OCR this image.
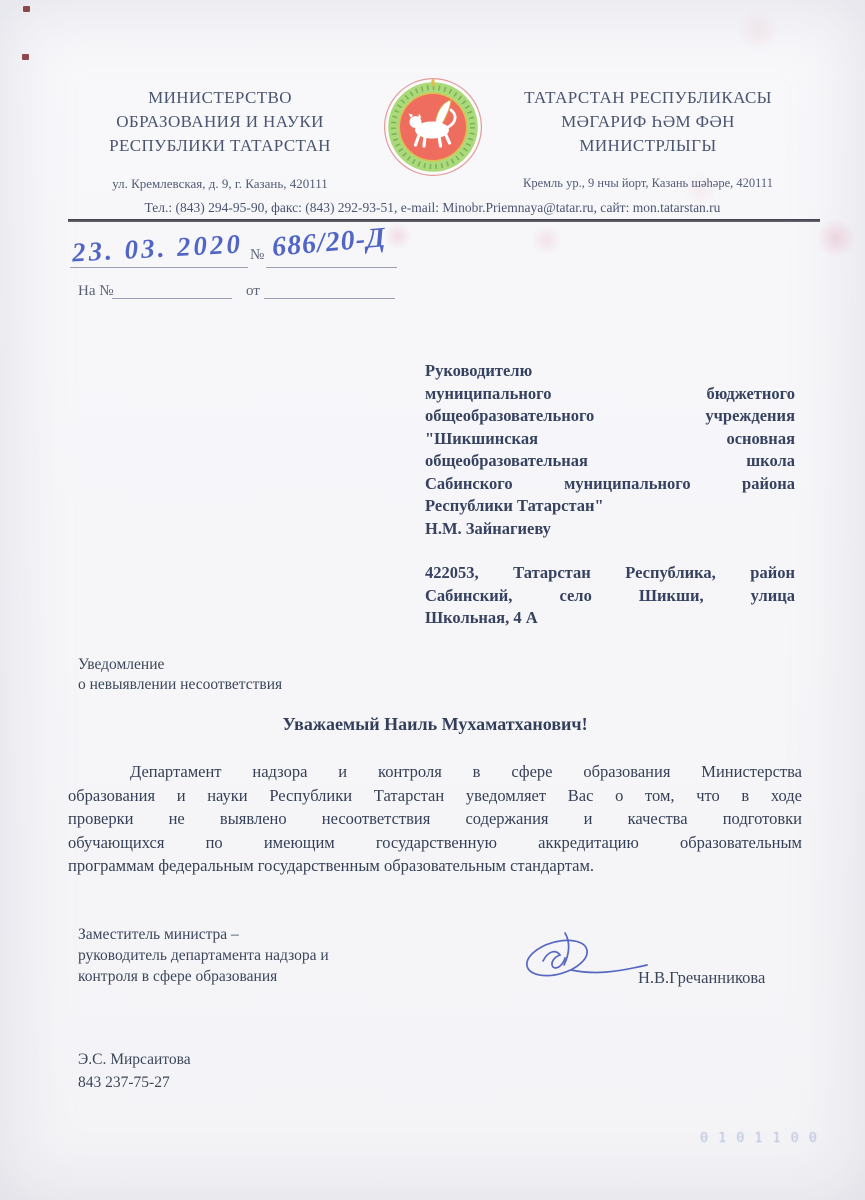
МИНИСТЕРСТВО
ОБРАЗОВАНИЯ И НАУКИ
РЕСПУБЛИКИ ТАТАРСТАН
ул. Кремлевская, д. 9, г. Казань, 420111
ТАТАРСТАН РЕСПУБЛИКАСЫ
МӘГАРИФ ҺӘМ ФӘН
МИНИСТРЛЫГЫ
Кремль ур., 9 нчы йорт, Казань шәһәре, 420111
Тел.: (843) 294-95-90, факс: (843) 292-93-51, e-mail: Minobr.Priemnaya@tatar.ru, сайт: mon.tatarstan.ru
23. 03. 2020 № 686/20-Д
На №	от
Руководителю
муниципального бюджетного
общеобразовательного учреждения
"Шикшинская основная
общеобразовательная школа
Сабинского муниципального района
Республики Татарстан"
Н.М. Зайнагиеву
422053, Татарстан Республика, район
Сабинский, село Шикши, улица
Школьная, 4 А
Уведомление
о невыявлении несоответствия
Уважаемый Наиль Мухаматханович!
Департамент надзора и контроля в сфере образования Министерства
образования и науки Республики Татарстан уведомляет Вас о том, что в ходе
проверки не выявлено несоответствия содержания и качества подготовки
обучающихся по имеющим государственную аккредитацию образовательным
программам федеральным государственным образовательным стандартам.
Заместитель министра –
руководитель департамента надзора и
контроля в сфере образования	Н.В.Гречанникова
Э.С. Мирсаитова
843 237-75-27
0101100
